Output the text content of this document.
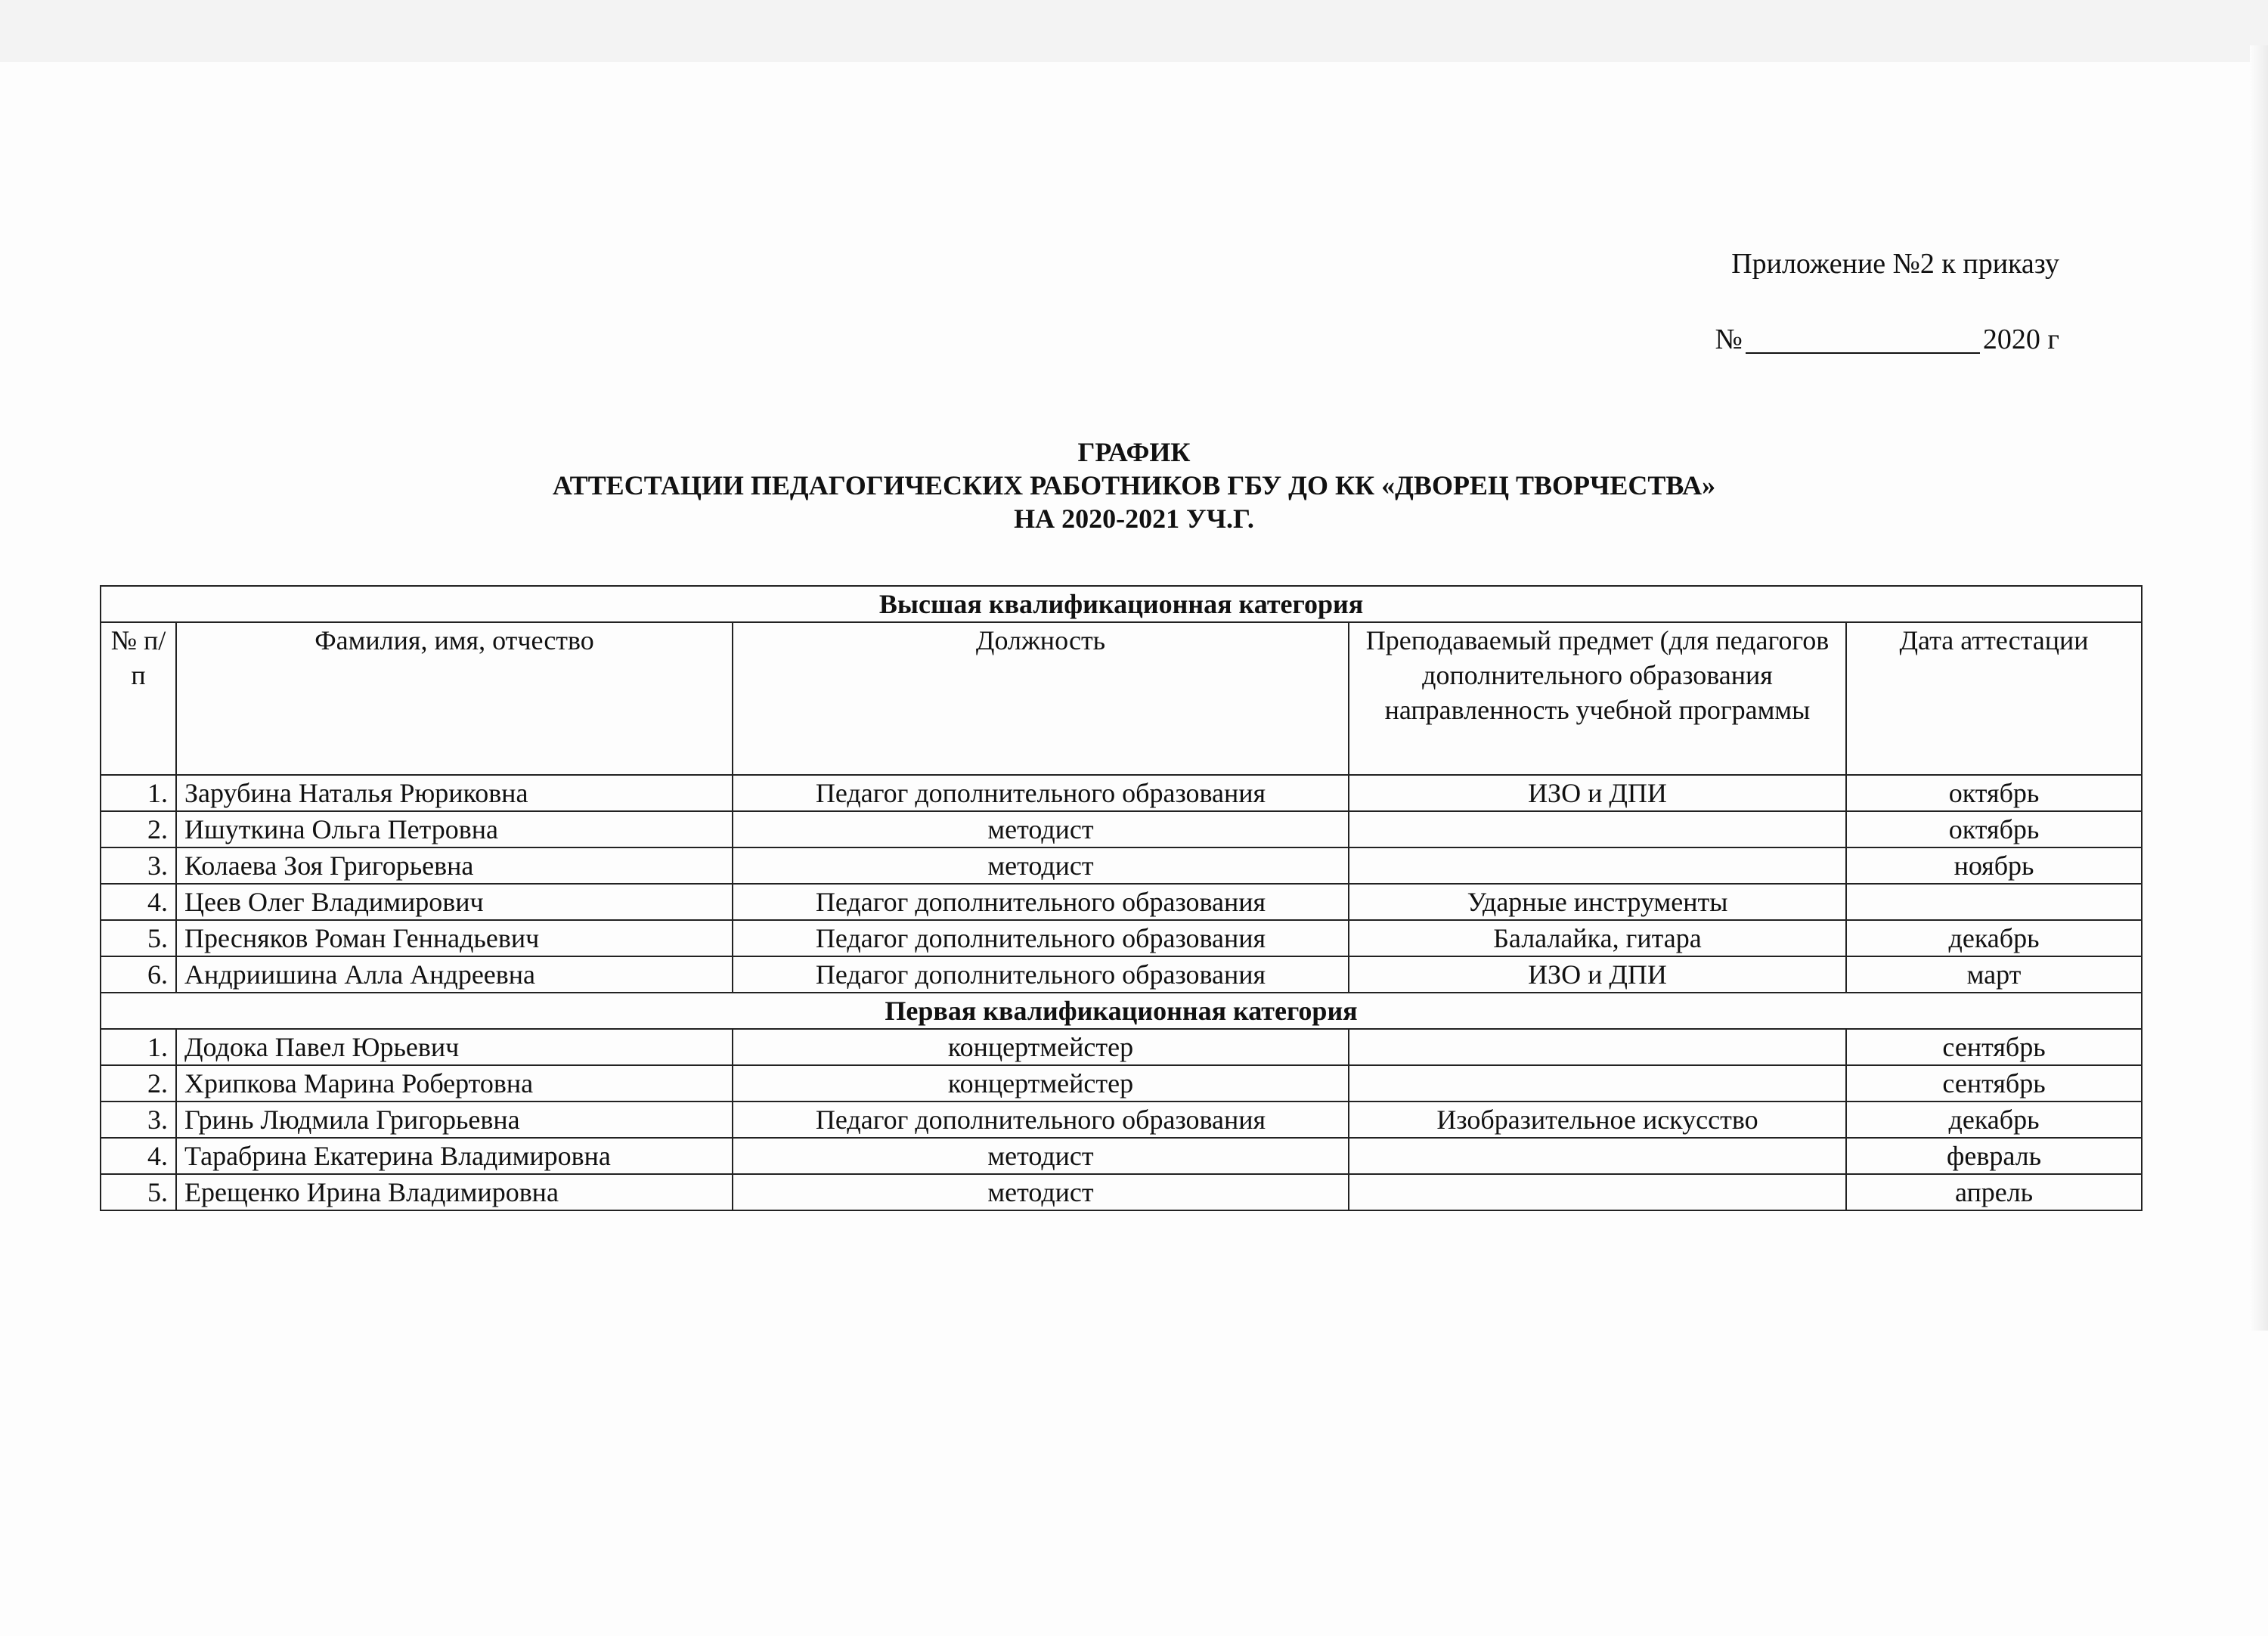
Приложение №2 к приказу
№	2020 г
ГРАФИК
АТТЕСТАЦИИ ПЕДАГОГИЧЕСКИХ РАБОТНИКОВ ГБУ ДО КК «ДВОРЕЦ ТВОРЧЕСТВА»
НА 2020-2021 УЧ.Г.
Высшая квалификационная категория				
№ п/п	Фамилия, имя, отчество	Должность	Преподаваемый предмет (для педагогов дополнительного образования направленность учебной программы	Дата аттестации
1.	Зарубина Наталья Рюриковна	Педагог дополнительного образования	ИЗО и ДПИ	октябрь
2.	Ишуткина Ольга Петровна	методист		октябрь
3.	Колаева Зоя Григорьевна	методист		ноябрь
4.	Цеев Олег Владимирович	Педагог дополнительного образования	Ударные инструменты	
5.	Пресняков Роман Геннадьевич	Педагог дополнительного образования	Балалайка, гитара	декабрь
6.	Андриишина Алла Андреевна	Педагог дополнительного образования	ИЗО и ДПИ	март
Первая квалификационная категория				
1.	Додока Павел Юрьевич	концертмейстер		сентябрь
2.	Хрипкова Марина Робертовна	концертмейстер		сентябрь
3.	Гринь Людмила Григорьевна	Педагог дополнительного образования	Изобразительное искусство	декабрь
4.	Тарабрина Екатерина Владимировна	методист		февраль
5.	Ерещенко Ирина Владимировна	методист		апрель
